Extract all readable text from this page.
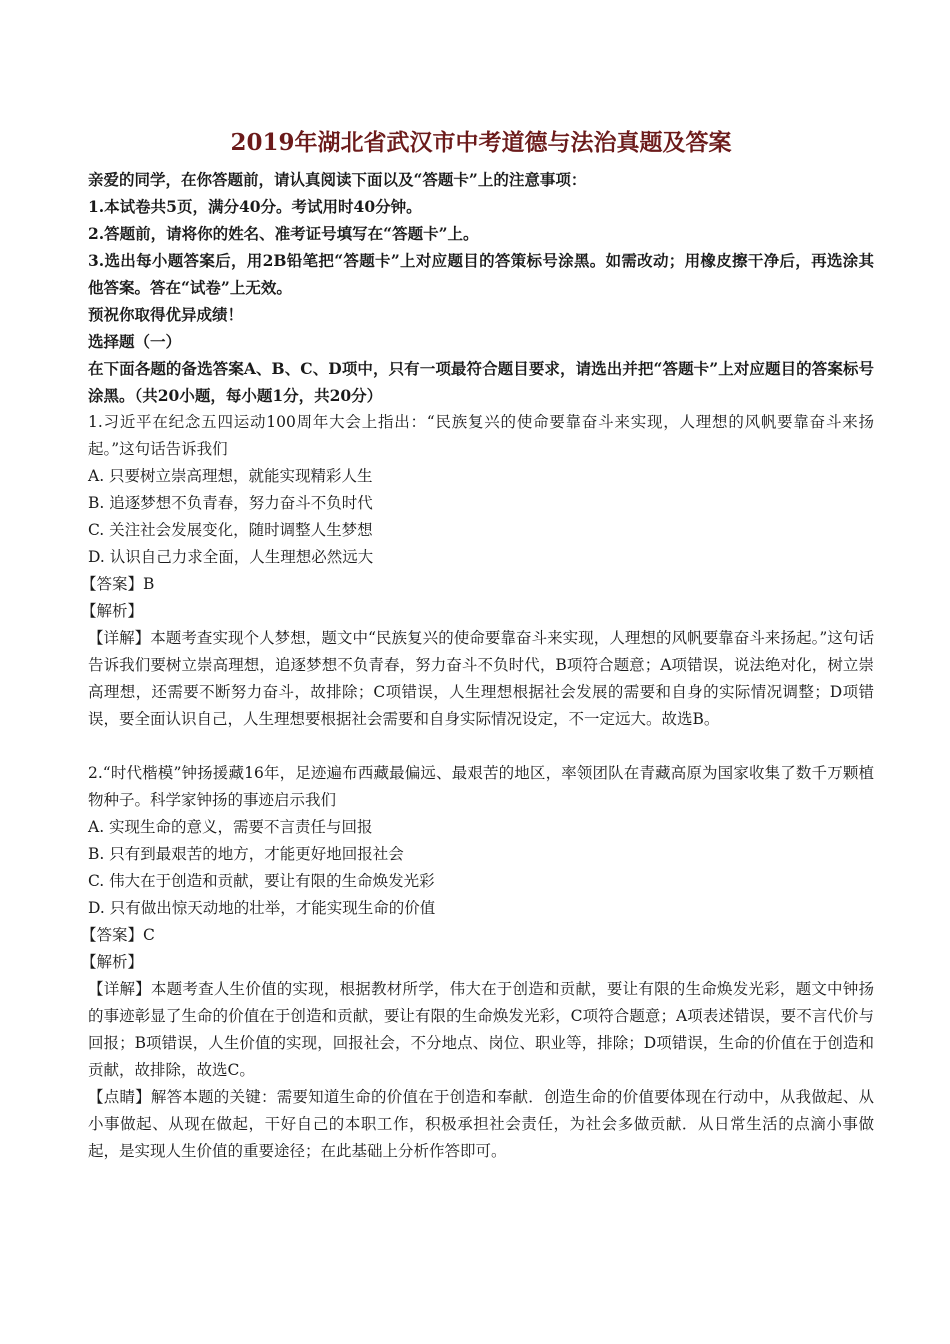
2019年湖北省武汉市中考道德与法治真题及答案
亲爱的同学，在你答题前，请认真阅读下面以及“答题卡”上的注意事项：
1.本试卷共5页，满分40分。考试用时40分钟。
2.答题前，请将你的姓名、准考证号填写在“答题卡”上。
3.选出每小题答案后，用2B铅笔把“答题卡”上对应题目的答策标号涂黑。如需改动；用橡皮擦干净后，再选涂其他答案。答在“试卷”上无效。
预祝你取得优异成绩！
选择题（一）
在下面各题的备选答案A、B、C、D项中，只有一项最符合题目要求，请选出并把“答题卡”上对应题目的答案标号涂黑。（共20小题，每小题1分，共20分）
1.习近平在纪念五四运动100周年大会上指出：“民族复兴的使命要靠奋斗来实现，人理想的风帆要靠奋斗来扬起。”这句话告诉我们
A. 只要树立崇高理想，就能实现精彩人生
B. 追逐梦想不负青春，努力奋斗不负时代
C. 关注社会发展变化，随时调整人生梦想
D. 认识自己力求全面，人生理想必然远大
【答案】B
【解析】
【详解】本题考查实现个人梦想，题文中“民族复兴的使命要靠奋斗来实现，人理想的风帆要靠奋斗来扬起。”这句话告诉我们要树立崇高理想，追逐梦想不负青春，努力奋斗不负时代，B项符合题意；A项错误，说法绝对化，树立崇高理想，还需要不断努力奋斗，故排除；C项错误，人生理想根据社会发展的需要和自身的实际情况调整；D项错误，要全面认识自己，人生理想要根据社会需要和自身实际情况设定，不一定远大。故选B。
2.“时代楷模”钟扬援藏16年，足迹遍布西藏最偏远、最艰苦的地区，率领团队在青藏高原为国家收集了数千万颗植物种子。科学家钟扬的事迹启示我们
A. 实现生命的意义，需要不言责任与回报
B. 只有到最艰苦的地方，才能更好地回报社会
C. 伟大在于创造和贡献，要让有限的生命焕发光彩
D. 只有做出惊天动地的壮举，才能实现生命的价值
【答案】C
【解析】
【详解】本题考查人生价值的实现，根据教材所学，伟大在于创造和贡献，要让有限的生命焕发光彩，题文中钟扬的事迹彰显了生命的价值在于创造和贡献，要让有限的生命焕发光彩，C项符合题意；A项表述错误，要不言代价与回报；B项错误，人生价值的实现，回报社会，不分地点、岗位、职业等，排除；D项错误，生命的价值在于创造和贡献，故排除，故选C。
【点睛】解答本题的关键：需要知道生命的价值在于创造和奉献．创造生命的价值要体现在行动中，从我做起、从小事做起、从现在做起，干好自己的本职工作，积极承担社会责任，为社会多做贡献．从日常生活的点滴小事做起，是实现人生价值的重要途径；在此基础上分析作答即可。
